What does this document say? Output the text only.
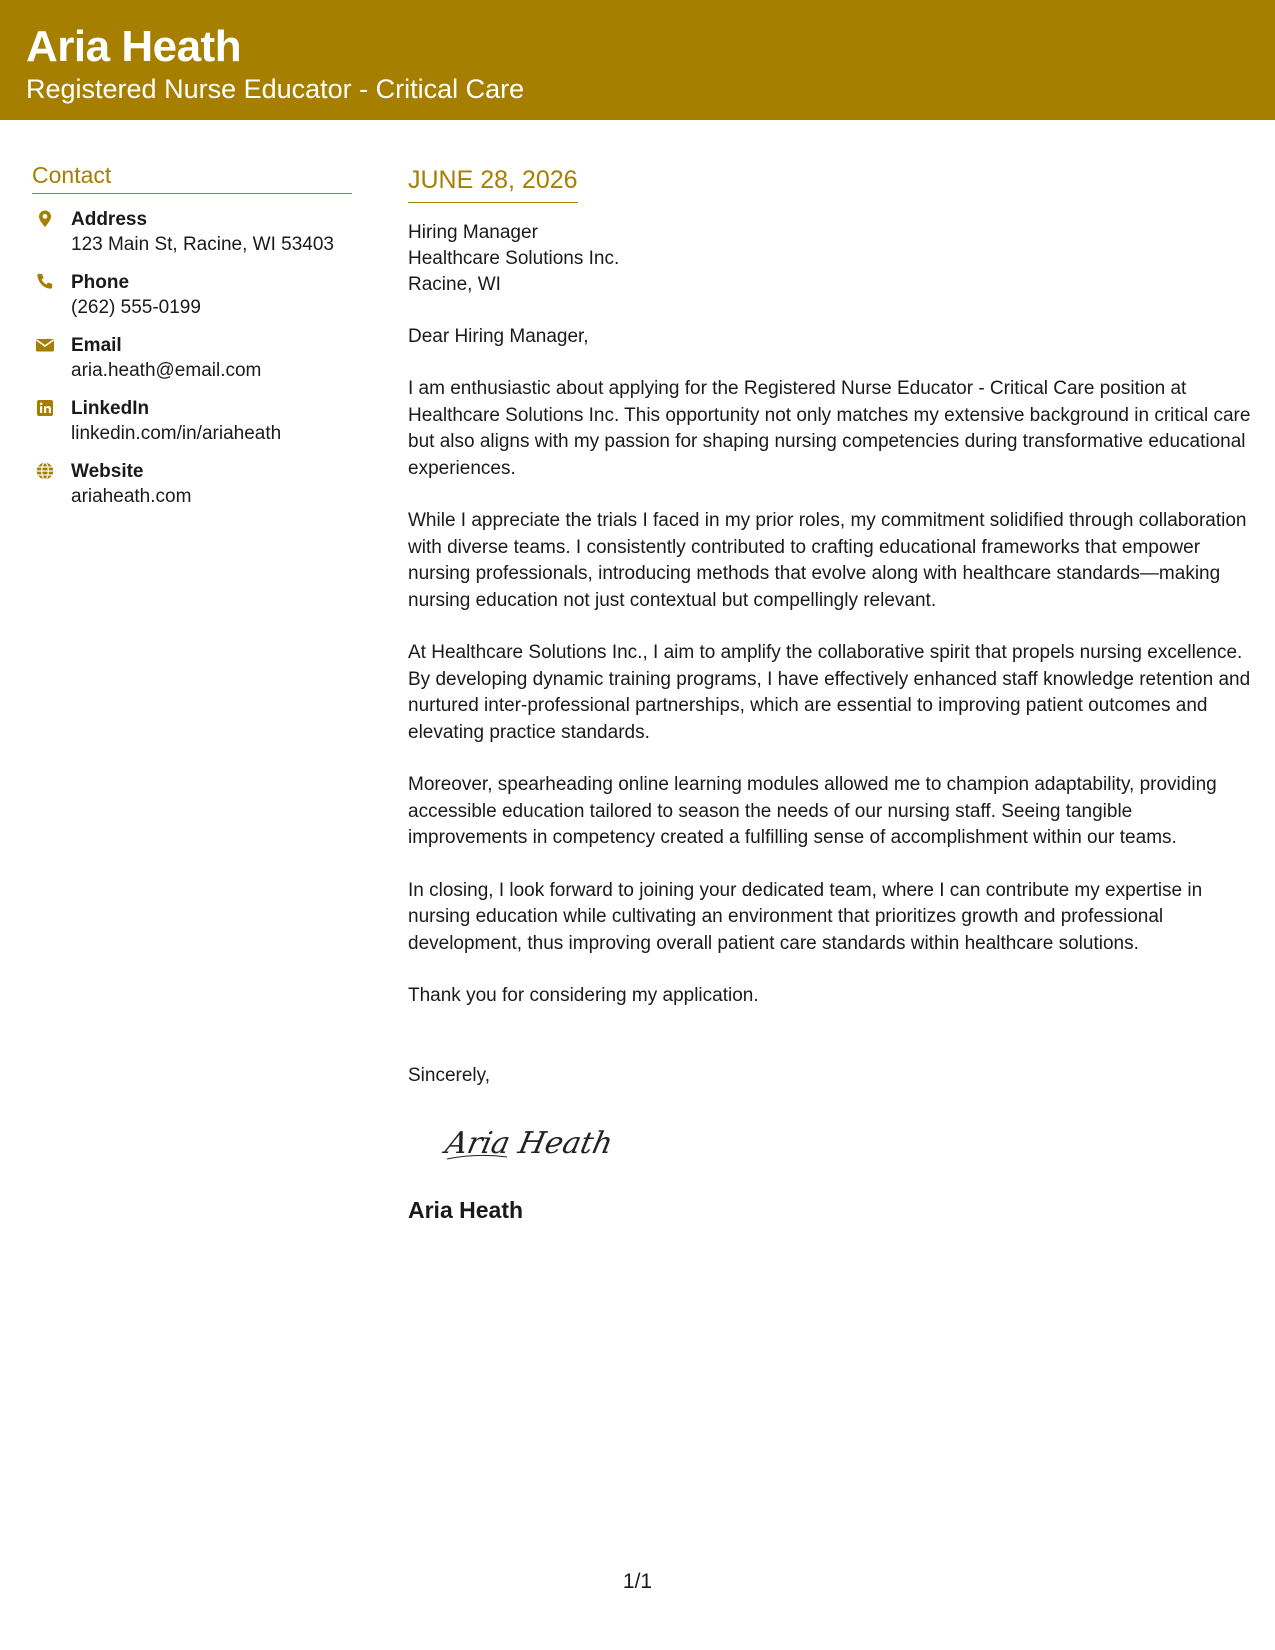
Aria Heath
Registered Nurse Educator - Critical Care
Contact
Address
123 Main St, Racine, WI 53403
Phone
(262) 555-0199
Email
aria.heath@email.com
LinkedIn
linkedin.com/in/ariaheath
Website
ariaheath.com
JUNE 28, 2026
Hiring Manager
Healthcare Solutions Inc.
Racine, WI
Dear Hiring Manager,
I am enthusiastic about applying for the Registered Nurse Educator - Critical Care position at Healthcare Solutions Inc. This opportunity not only matches my extensive background in critical care but also aligns with my passion for shaping nursing competencies during transformative educational experiences.
While I appreciate the trials I faced in my prior roles, my commitment solidified through collaboration with diverse teams. I consistently contributed to crafting educational frameworks that empower nursing professionals, introducing methods that evolve along with healthcare standards—making nursing education not just contextual but compellingly relevant.
At Healthcare Solutions Inc., I aim to amplify the collaborative spirit that propels nursing excellence. By developing dynamic training programs, I have effectively enhanced staff knowledge retention and nurtured inter-professional partnerships, which are essential to improving patient outcomes and elevating practice standards.
Moreover, spearheading online learning modules allowed me to champion adaptability, providing accessible education tailored to season the needs of our nursing staff. Seeing tangible improvements in competency created a fulfilling sense of accomplishment within our teams.
In closing, I look forward to joining your dedicated team, where I can contribute my expertise in nursing education while cultivating an environment that prioritizes growth and professional development, thus improving overall patient care standards within healthcare solutions.
Thank you for considering my application.
Sincerely,
Aria Heath
Aria Heath
1/1
